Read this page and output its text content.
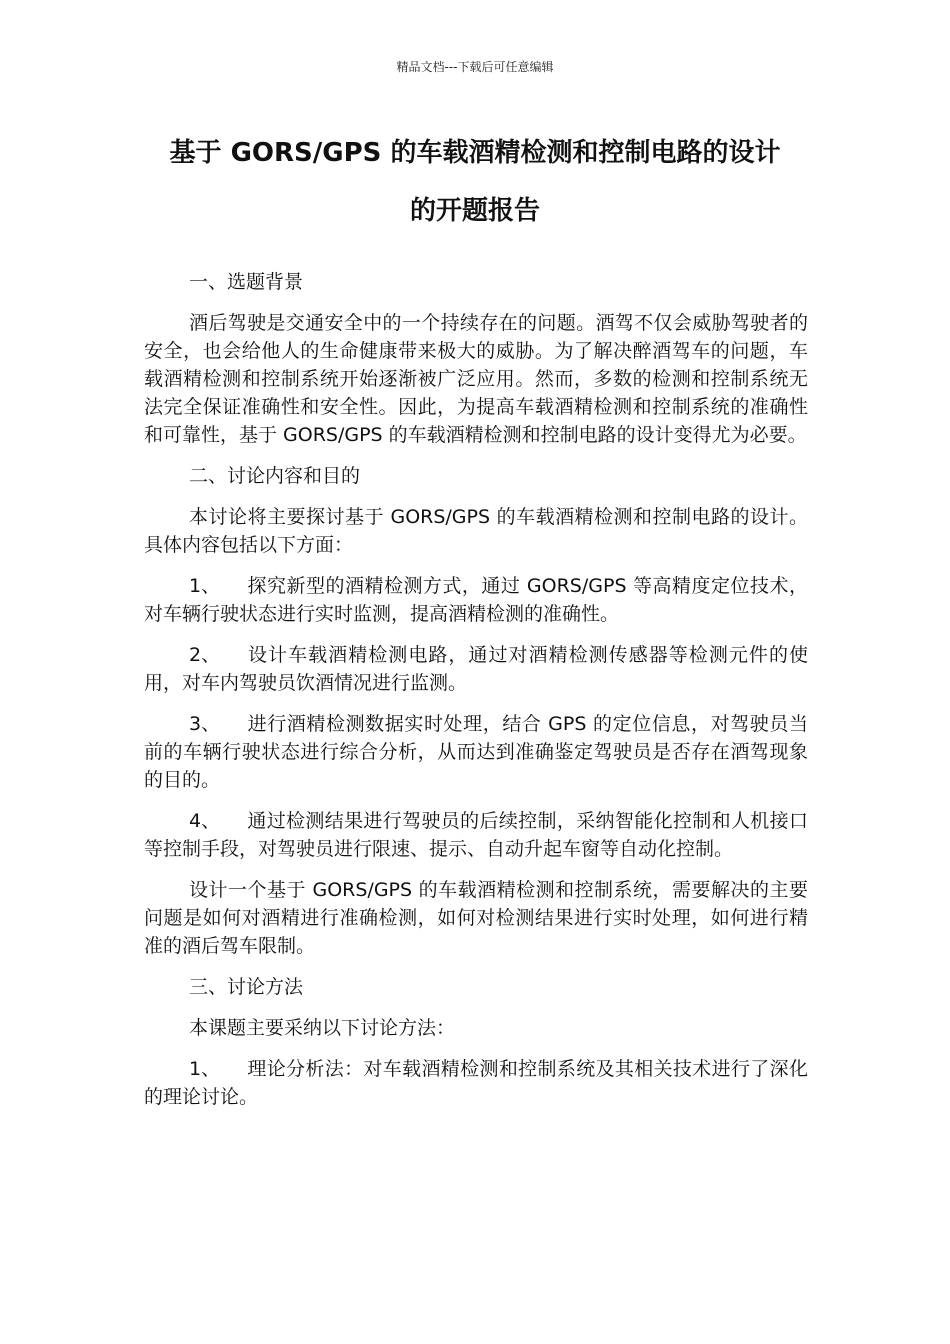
精品文档---下载后可任意编辑
基于 GORS/GPS 的车载酒精检测和控制电路的设计
的开题报告
一、选题背景

酒后驾驶是交通安全中的一个持续存在的问题。酒驾不仅会威胁驾驶者的安全，也会给他人的生命健康带来极大的威胁。为了解决醉酒驾车的问题，车载酒精检测和控制系统开始逐渐被广泛应用。然而，多数的检测和控制系统无法完全保证准确性和安全性。因此，为提高车载酒精检测和控制系统的准确性和可靠性，基于 GORS/GPS 的车载酒精检测和控制电路的设计变得尤为必要。

二、讨论内容和目的

本讨论将主要探讨基于 GORS/GPS 的车载酒精检测和控制电路的设计。具体内容包括以下方面：

1、 探究新型的酒精检测方式，通过 GORS/GPS 等高精度定位技术，对车辆行驶状态进行实时监测，提高酒精检测的准确性。

2、 设计车载酒精检测电路，通过对酒精检测传感器等检测元件的使用，对车内驾驶员饮酒情况进行监测。

3、 进行酒精检测数据实时处理，结合 GPS 的定位信息，对驾驶员当前的车辆行驶状态进行综合分析，从而达到准确鉴定驾驶员是否存在酒驾现象的目的。

4、 通过检测结果进行驾驶员的后续控制，采纳智能化控制和人机接口等控制手段，对驾驶员进行限速、提示、自动升起车窗等自动化控制。

设计一个基于 GORS/GPS 的车载酒精检测和控制系统，需要解决的主要问题是如何对酒精进行准确检测，如何对检测结果进行实时处理，如何进行精准的酒后驾车限制。

三、讨论方法

本课题主要采纳以下讨论方法：

1、 理论分析法：对车载酒精检测和控制系统及其相关技术进行了深化的理论讨论。
